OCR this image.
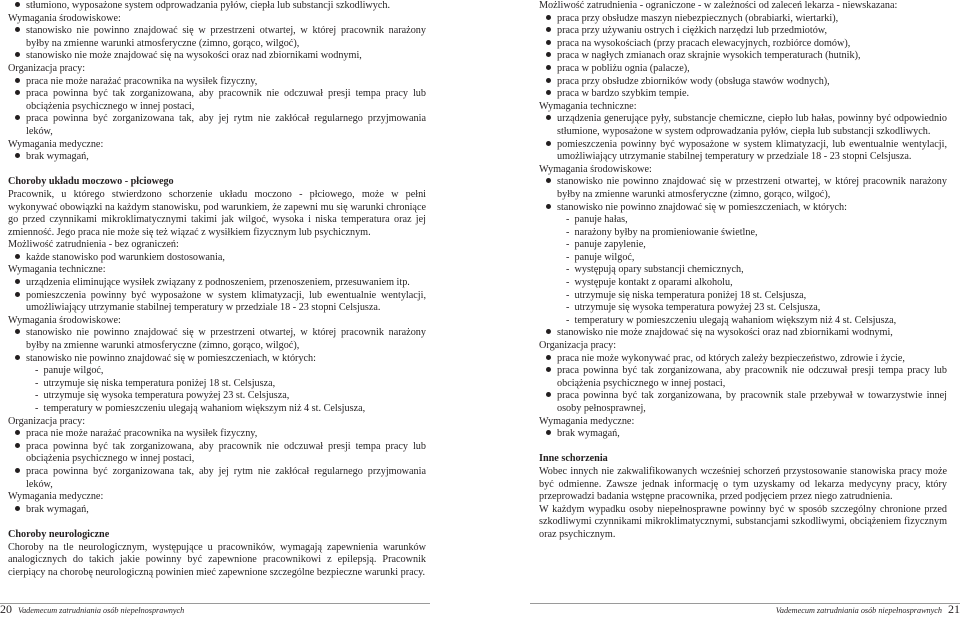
stłumiono, wyposażone system odprowadzania pyłów, ciepła lub substancji szkodliwych.

Wymagania środowiskowe:

stanowisko nie powinno znajdować się w przestrzeni otwartej, w której pracownik narażony byłby na zmienne warunki atmosferyczne (zimno, gorąco, wilgoć),

stanowisko nie może znajdować się na wysokości oraz nad zbiornikami wodnymi,

Organizacja pracy:

praca nie może narażać pracownika na wysiłek fizyczny,

praca powinna być tak zorganizowana, aby pracownik nie odczuwał presji tempa pracy lub obciążenia psychicznego w innej postaci,

praca powinna być zorganizowana tak, aby jej rytm nie zakłócał regularnego przyjmowania leków,

Wymagania medyczne:

brak wymagań,

Choroby układu moczowo - płciowego

Pracownik, u którego stwierdzono schorzenie układu moczono - płciowego, może w pełni wykonywać obowiązki na każdym stanowisku, pod warunkiem, że zapewni mu się warunki chroniące go przed czynnikami mikroklimatycznymi takimi jak wilgoć, wysoka i niska temperatura oraz jej zmienność. Jego praca nie może się też wiązać z wysiłkiem fizycznym lub psychicznym.

Możliwość zatrudnienia - bez ograniczeń:

każde stanowisko pod warunkiem dostosowania,

Wymagania techniczne:

urządzenia eliminujące wysiłek związany z podnoszeniem, przenoszeniem, przesuwaniem itp.

pomieszczenia powinny być wyposażone w system klimatyzacji, lub ewentualnie wentylacji, umożliwiający utrzymanie stabilnej temperatury w przedziale 18 - 23 stopni Celsjusza.

Wymagania środowiskowe:

stanowisko nie powinno znajdować się w przestrzeni otwartej, w której pracownik narażony byłby na zmienne warunki atmosferyczne (zimno, gorąco, wilgoć),

stanowisko nie powinno znajdować się w pomieszczeniach, w których:

-  panuje wilgoć,

-  utrzymuje się niska temperatura poniżej 18 st. Celsjusza,

-  utrzymuje się wysoka temperatura powyżej 23 st. Celsjusza,

-  temperatury w pomieszczeniu ulegają wahaniom większym niż 4 st. Celsjusza,

Organizacja pracy:

praca nie może narażać pracownika na wysiłek fizyczny,

praca powinna być tak zorganizowana, aby pracownik nie odczuwał presji tempa pracy lub obciążenia psychicznego w innej postaci,

praca powinna być zorganizowana tak, aby jej rytm nie zakłócał regularnego przyjmowania leków,

Wymagania medyczne:

brak wymagań,

Choroby neurologiczne

Choroby na tle neurologicznym, występujące u pracowników, wymagają zapewnienia warunków analogicznych do takich jakie powinny być zapewnione pracownikowi z epilepsją. Pracownik cierpiący na chorobę neurologiczną powinien mieć zapewnione szczególne bezpieczne warunki pracy.

Możliwość zatrudnienia - ograniczone - w zależności od zaleceń lekarza - niewskazana:

praca przy obsłudze maszyn niebezpiecznych (obrabiarki, wiertarki),

praca przy używaniu ostrych i ciężkich narzędzi lub przedmiotów,

praca na wysokościach (przy pracach elewacyjnych, rozbiórce domów),

praca w nagłych zmianach oraz skrajnie wysokich temperaturach (hutnik),

praca w pobliżu ognia (palacze),

praca przy obsłudze zbiorników wody (obsługa stawów wodnych),

praca w bardzo szybkim tempie.

Wymagania techniczne:

urządzenia generujące pyły, substancje chemiczne, ciepło lub hałas, powinny być odpowiednio stłumione, wyposażone w system odprowadzania pyłów, ciepła lub substancji szkodliwych.

pomieszczenia powinny być wyposażone w system klimatyzacji, lub ewentualnie wentylacji, umożliwiający utrzymanie stabilnej temperatury w przedziale 18 - 23 stopni Celsjusza.

Wymagania środowiskowe:

stanowisko nie powinno znajdować się w przestrzeni otwartej, w której pracownik narażony byłby na zmienne warunki atmosferyczne (zimno, gorąco, wilgoć),

stanowisko nie powinno znajdować się w pomieszczeniach, w których:

-  panuje hałas,

-  narażony byłby na promieniowanie świetlne,

-  panuje zapylenie,

-  panuje wilgoć,

-  występują opary substancji chemicznych,

-  występuje kontakt z oparami alkoholu,

-  utrzymuje się niska temperatura poniżej 18 st. Celsjusza,

-  utrzymuje się wysoka temperatura powyżej 23 st. Celsjusza,

-  temperatury w pomieszczeniu ulegają wahaniom większym niż 4 st. Celsjusza,

stanowisko nie może znajdować się na wysokości oraz nad zbiornikami wodnymi,

Organizacja pracy:

praca nie może wykonywać prac, od których zależy bezpieczeństwo, zdrowie i życie,

praca powinna być tak zorganizowana, aby pracownik nie odczuwał presji tempa pracy lub obciążenia psychicznego w innej postaci,

praca powinna być tak zorganizowana, by pracownik stale przebywał w towarzystwie innej osoby pełnosprawnej,

Wymagania medyczne:

brak wymagań,

Inne schorzenia

Wobec innych nie zakwalifikowanych wcześniej schorzeń przystosowanie stanowiska pracy może być odmienne. Zawsze jednak informację o tym uzyskamy od lekarza medycyny pracy, który przeprowadzi badania wstępne pracownika, przed podjęciem przez niego zatrudnienia.

W każdym wypadku osoby niepełnosprawne powinny być w sposób szczególny chronione przed szkodliwymi czynnikami mikroklimatycznymi, substancjami szkodliwymi, obciążeniem fizycznym oraz psychicznym.

20 Vademecum zatrudniania osób niepełnosprawnych	Vademecum zatrudniania osób niepełnosprawnych 21
